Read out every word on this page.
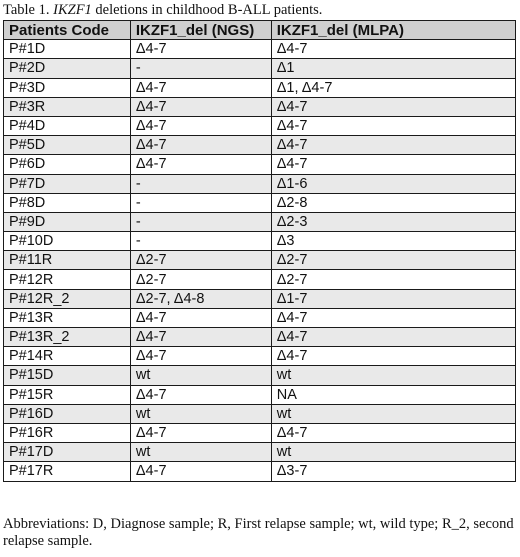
Table 1. IKZF1 deletions in childhood B-ALL patients.
Patients Code	IKZF1_del (NGS)	IKZF1_del (MLPA)
P#1D	Δ4-7	Δ4-7
P#2D	-	Δ1
P#3D	Δ4-7	Δ1, Δ4-7
P#3R	Δ4-7	Δ4-7
P#4D	Δ4-7	Δ4-7
P#5D	Δ4-7	Δ4-7
P#6D	Δ4-7	Δ4-7
P#7D	-	Δ1-6
P#8D	-	Δ2-8
P#9D	-	Δ2-3
P#10D	-	Δ3
P#11R	Δ2-7	Δ2-7
P#12R	Δ2-7	Δ2-7
P#12R_2	Δ2-7, Δ4-8	Δ1-7
P#13R	Δ4-7	Δ4-7
P#13R_2	Δ4-7	Δ4-7
P#14R	Δ4-7	Δ4-7
P#15D	wt	wt
P#15R	Δ4-7	NA
P#16D	wt	wt
P#16R	Δ4-7	Δ4-7
P#17D	wt	wt
P#17R	Δ4-7	Δ3-7
Abbreviations: D, Diagnose sample; R, First relapse sample; wt, wild type; R_2, second relapse sample.
